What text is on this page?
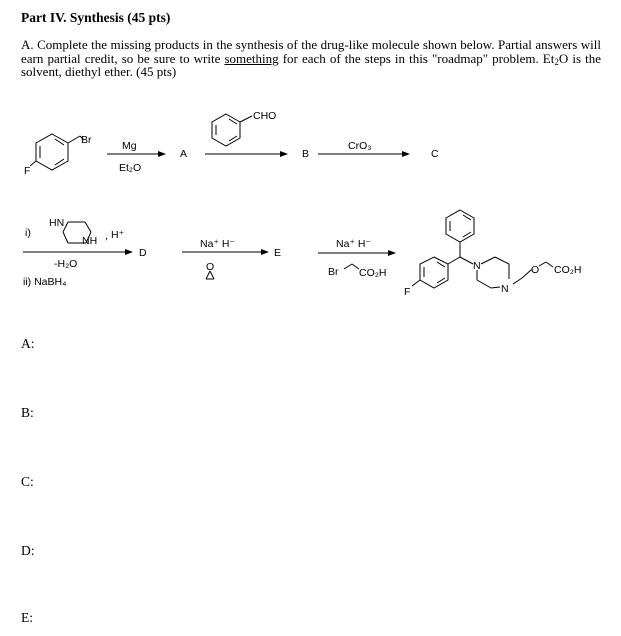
Part IV. Synthesis (45 pts)
A. Complete the missing products in the synthesis of the drug-like molecule shown below. Partial answers will earn partial credit, so be sure to write something for each of the steps in this "roadmap" problem. $Et_2O$ is the solvent, diethyl ether. (45 pts)
Br
F
Mg
Et₂O
A
CHO
B
CrO₃
C
i)
HN
NH , H⁺
-H₂O
ii) NaBH₄
D
Na⁺ H⁻
O
E
Na⁺ H⁻
Br CO₂H
N
N
O CO₂H
F
A:
B:
C:
D:
E:
